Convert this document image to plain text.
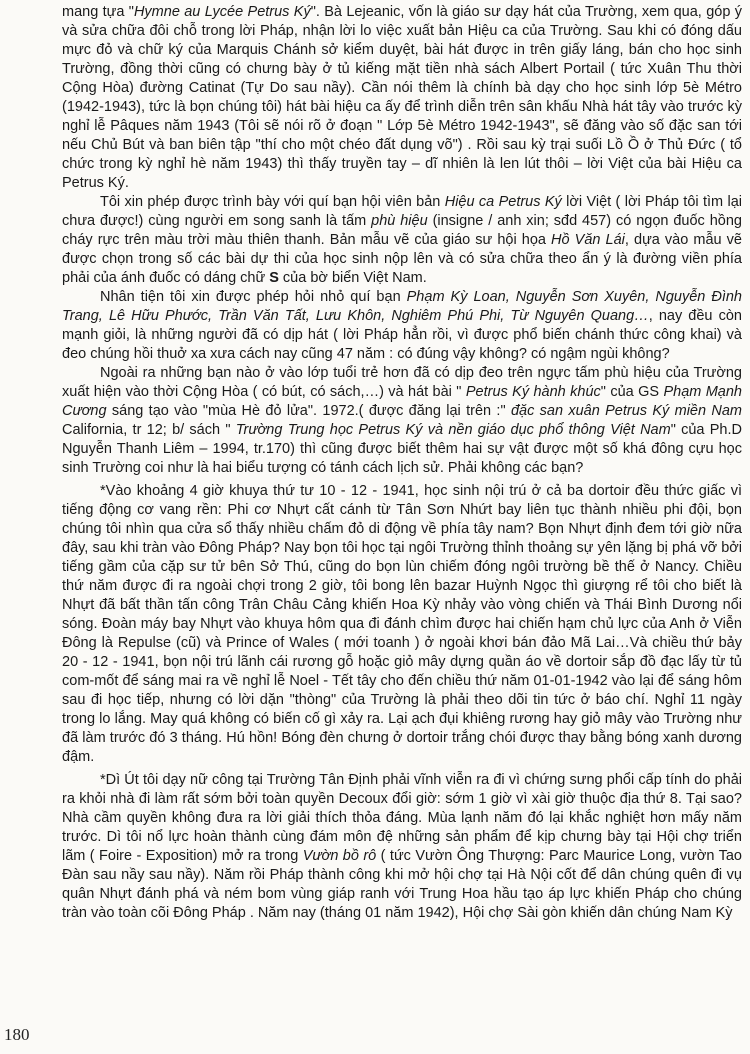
mang tựa "Hymne au Lycée Petrus Ký". Bà Lejeanic, vốn là giáo sư dạy hát của Trường, xem qua, góp ý và sửa chữa đôi chỗ trong lời Pháp, nhận lời lo việc xuất bản Hiệu ca của Trường. Sau khi có đóng dấu mực đỏ và chữ ký của Marquis Chánh sở kiểm duyệt, bài hát được in trên giấy láng, bán cho học sinh Trường, đồng thời cũng có chưng bày ở tủ kiếng mặt tiền nhà sách Albert Portail ( tức Xuân Thu thời Cộng Hòa) đường Catinat (Tự Do sau nầy). Cần nói thêm là chính bà dạy cho học sinh lớp 5è Métro (1942-1943), tức là bọn chúng tôi) hát bài hiệu ca ấy để trình diễn trên sân khấu Nhà hát tây vào trước kỳ nghỉ lễ Pâques năm 1943 (Tôi sẽ nói rõ ở đoạn " Lớp 5è Métro 1942-1943", sẽ đăng vào số đặc san tới nếu Chủ Bút và ban biên tập "thí cho một chéo đất dụng võ") . Rồi sau kỳ trại suối Lồ Ồ ở Thủ Đức ( tổ chức trong kỳ nghỉ hè năm 1943) thì thấy truyền tay – dĩ nhiên là len lút thôi – lời Việt của bài Hiệu ca Petrus Ký.

Tôi xin phép được trình bày với quí bạn hội viên bản Hiệu ca Petrus Ký lời Việt ( lời Pháp tôi tìm lại chưa được!) cùng người em song sanh là tấm phù hiệu (insigne / anh xin; sđd 457) có ngọn đuốc hồng cháy rực trên màu trời màu thiên thanh. Bản mẫu vẽ của giáo sư hội họa Hồ Văn Lái, dựa vào mẫu vẽ được chọn trong số các bài dự thi của học sinh nộp lên và có sửa chữa theo ẩn ý là đường viền phía phải của ánh đuốc có dáng chữ S của bờ biển Việt Nam.

Nhân tiện tôi xin được phép hỏi nhỏ quí bạn Phạm Kỳ Loan, Nguyễn Sơn Xuyên, Nguyễn Đình Trang, Lê Hữu Phước, Trần Văn Tất, Lưu Khôn, Nghiêm Phú Phi, Từ Nguyên Quang…, nay đều còn mạnh giỏi, là những người đã có dịp hát ( lời Pháp hẳn rồi, vì được phổ biến chánh thức công khai) và đeo chúng hồi thuở xa xưa cách nay cũng 47 năm : có đúng vậy không? có ngậm ngùi không?

Ngoài ra những bạn nào ở vào lớp tuổi trẻ hơn đã có dịp đeo trên ngực tấm phù hiệu của Trường xuất hiện vào thời Cộng Hòa ( có bút, có sách,…) và hát bài " Petrus Ký hành khúc" của GS Phạm Mạnh Cương sáng tạo vào "mùa Hè đỏ lửa". 1972.( được đăng lại trên :" đặc san xuân Petrus Ký miền Nam California, tr 12; b/ sách " Trường Trung học Petrus Ký và nền giáo dục phổ thông Việt Nam" của Ph.D Nguyễn Thanh Liêm – 1994, tr.170) thì cũng được biết thêm hai sự vật được một số khá đông cựu học sinh Trường coi như là hai biểu tượng có tánh cách lịch sử. Phải không các bạn?

*Vào khoảng 4 giờ khuya thứ tư 10 - 12 - 1941, học sinh nội trú ở cả ba dortoir đều thức giấc vì tiếng động cơ vang rền: Phi cơ Nhựt cất cánh từ Tân Sơn Nhứt bay liên tục thành nhiều phi đội, bọn chúng tôi nhìn qua cửa sổ thấy nhiều chấm đỏ di động về phía tây nam? Bọn Nhựt định đem tới giờ nữa đây, sau khi tràn vào Đông Pháp? Nay bọn tôi học tại ngôi Trường thỉnh thoảng sự yên lặng bị phá vỡ bởi tiếng gầm của cặp sư tử bên Sở Thú, cũng do bọn lùn chiếm đóng ngôi trường bề thế ở Nancy. Chiều thứ năm được đi ra ngoài chợi trong 2 giờ, tôi bong lên bazar Huỳnh Ngọc thì giượng rể tôi cho biết là Nhựt đã bất thần tấn công Trân Châu Cảng khiến Hoa Kỳ nhảy vào vòng chiến và Thái Bình Dương nổi sóng. Đoàn máy bay Nhựt vào khuya hôm qua đi đánh chìm được hai chiến hạm chủ lực của Anh ở Viễn Đông là Repulse (cũ) và Prince of Wales ( mới toanh ) ở ngoài khơi bán đảo Mã Lai…Và chiều thứ bảy 20 - 12 - 1941, bọn nội trú lãnh cái rương gỗ hoặc giỏ mây dựng quần áo về dortoir sắp đồ đạc lấy từ tủ com-mốt để sáng mai ra về nghỉ lễ Noel - Tết tây cho đến chiều thứ năm 01-01-1942 vào lại để sáng hôm sau đi học tiếp, nhưng có lời dặn "thòng" của Trường là phải theo dõi tin tức ở báo chí. Nghỉ 11 ngày trong lo lắng. May quá không có biến cố gì xảy ra. Lại ạch đụi khiêng rương hay giỏ mây vào Trường như đã làm trước đó 3 tháng. Hú hồn! Bóng đèn chưng ở dortoir trắng chói được thay bằng bóng xanh dương đậm.

*Dì Út tôi dạy nữ công tại Trường Tân Định phải vĩnh viễn ra đi vì chứng sưng phổi cấp tính do phải ra khỏi nhà đi làm rất sớm bởi toàn quyền Decoux đổi giờ: sớm 1 giờ vì xài giờ thuộc địa thứ 8. Tại sao? Nhà cầm quyền không đưa ra lời giải thích thỏa đáng. Mùa lạnh năm đó lại khắc nghiệt hơn mấy năm trước. Dì tôi nổ lực hoàn thành cùng đám môn đệ những sản phẩm để kịp chưng bày tại Hội chợ triển lãm ( Foire - Exposition) mở ra trong Vườn bồ rô ( tức Vườn Ông Thượng: Parc Maurice Long, vườn Tao Đàn sau nầy sau nầy). Năm rồi Pháp thành công khi mở hội chợ tại Hà Nội cốt để dân chúng quên đi vụ quân Nhựt đánh phá và ném bom vùng giáp ranh với Trung Hoa hầu tạo áp lực khiến Pháp cho chúng tràn vào toàn cõi Đông Pháp . Năm nay (tháng 01 năm 1942), Hội chợ Sài gòn khiến dân chúng Nam Kỳ

180
